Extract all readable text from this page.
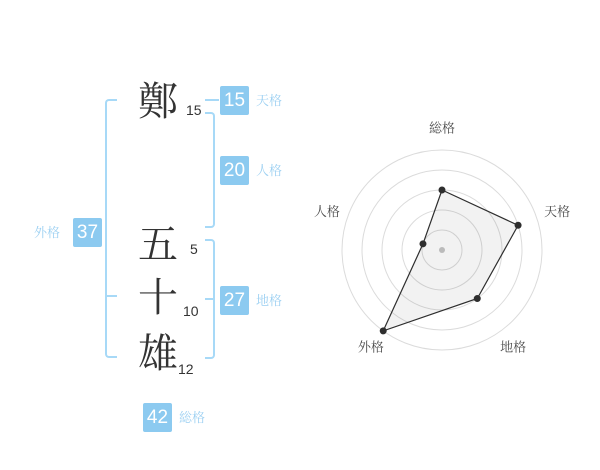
鄭 15
五 5
十 10
雄 12
15 天格
20 人格
外格 37
27 地格
42 総格
総格
天格
地格
外格
人格
